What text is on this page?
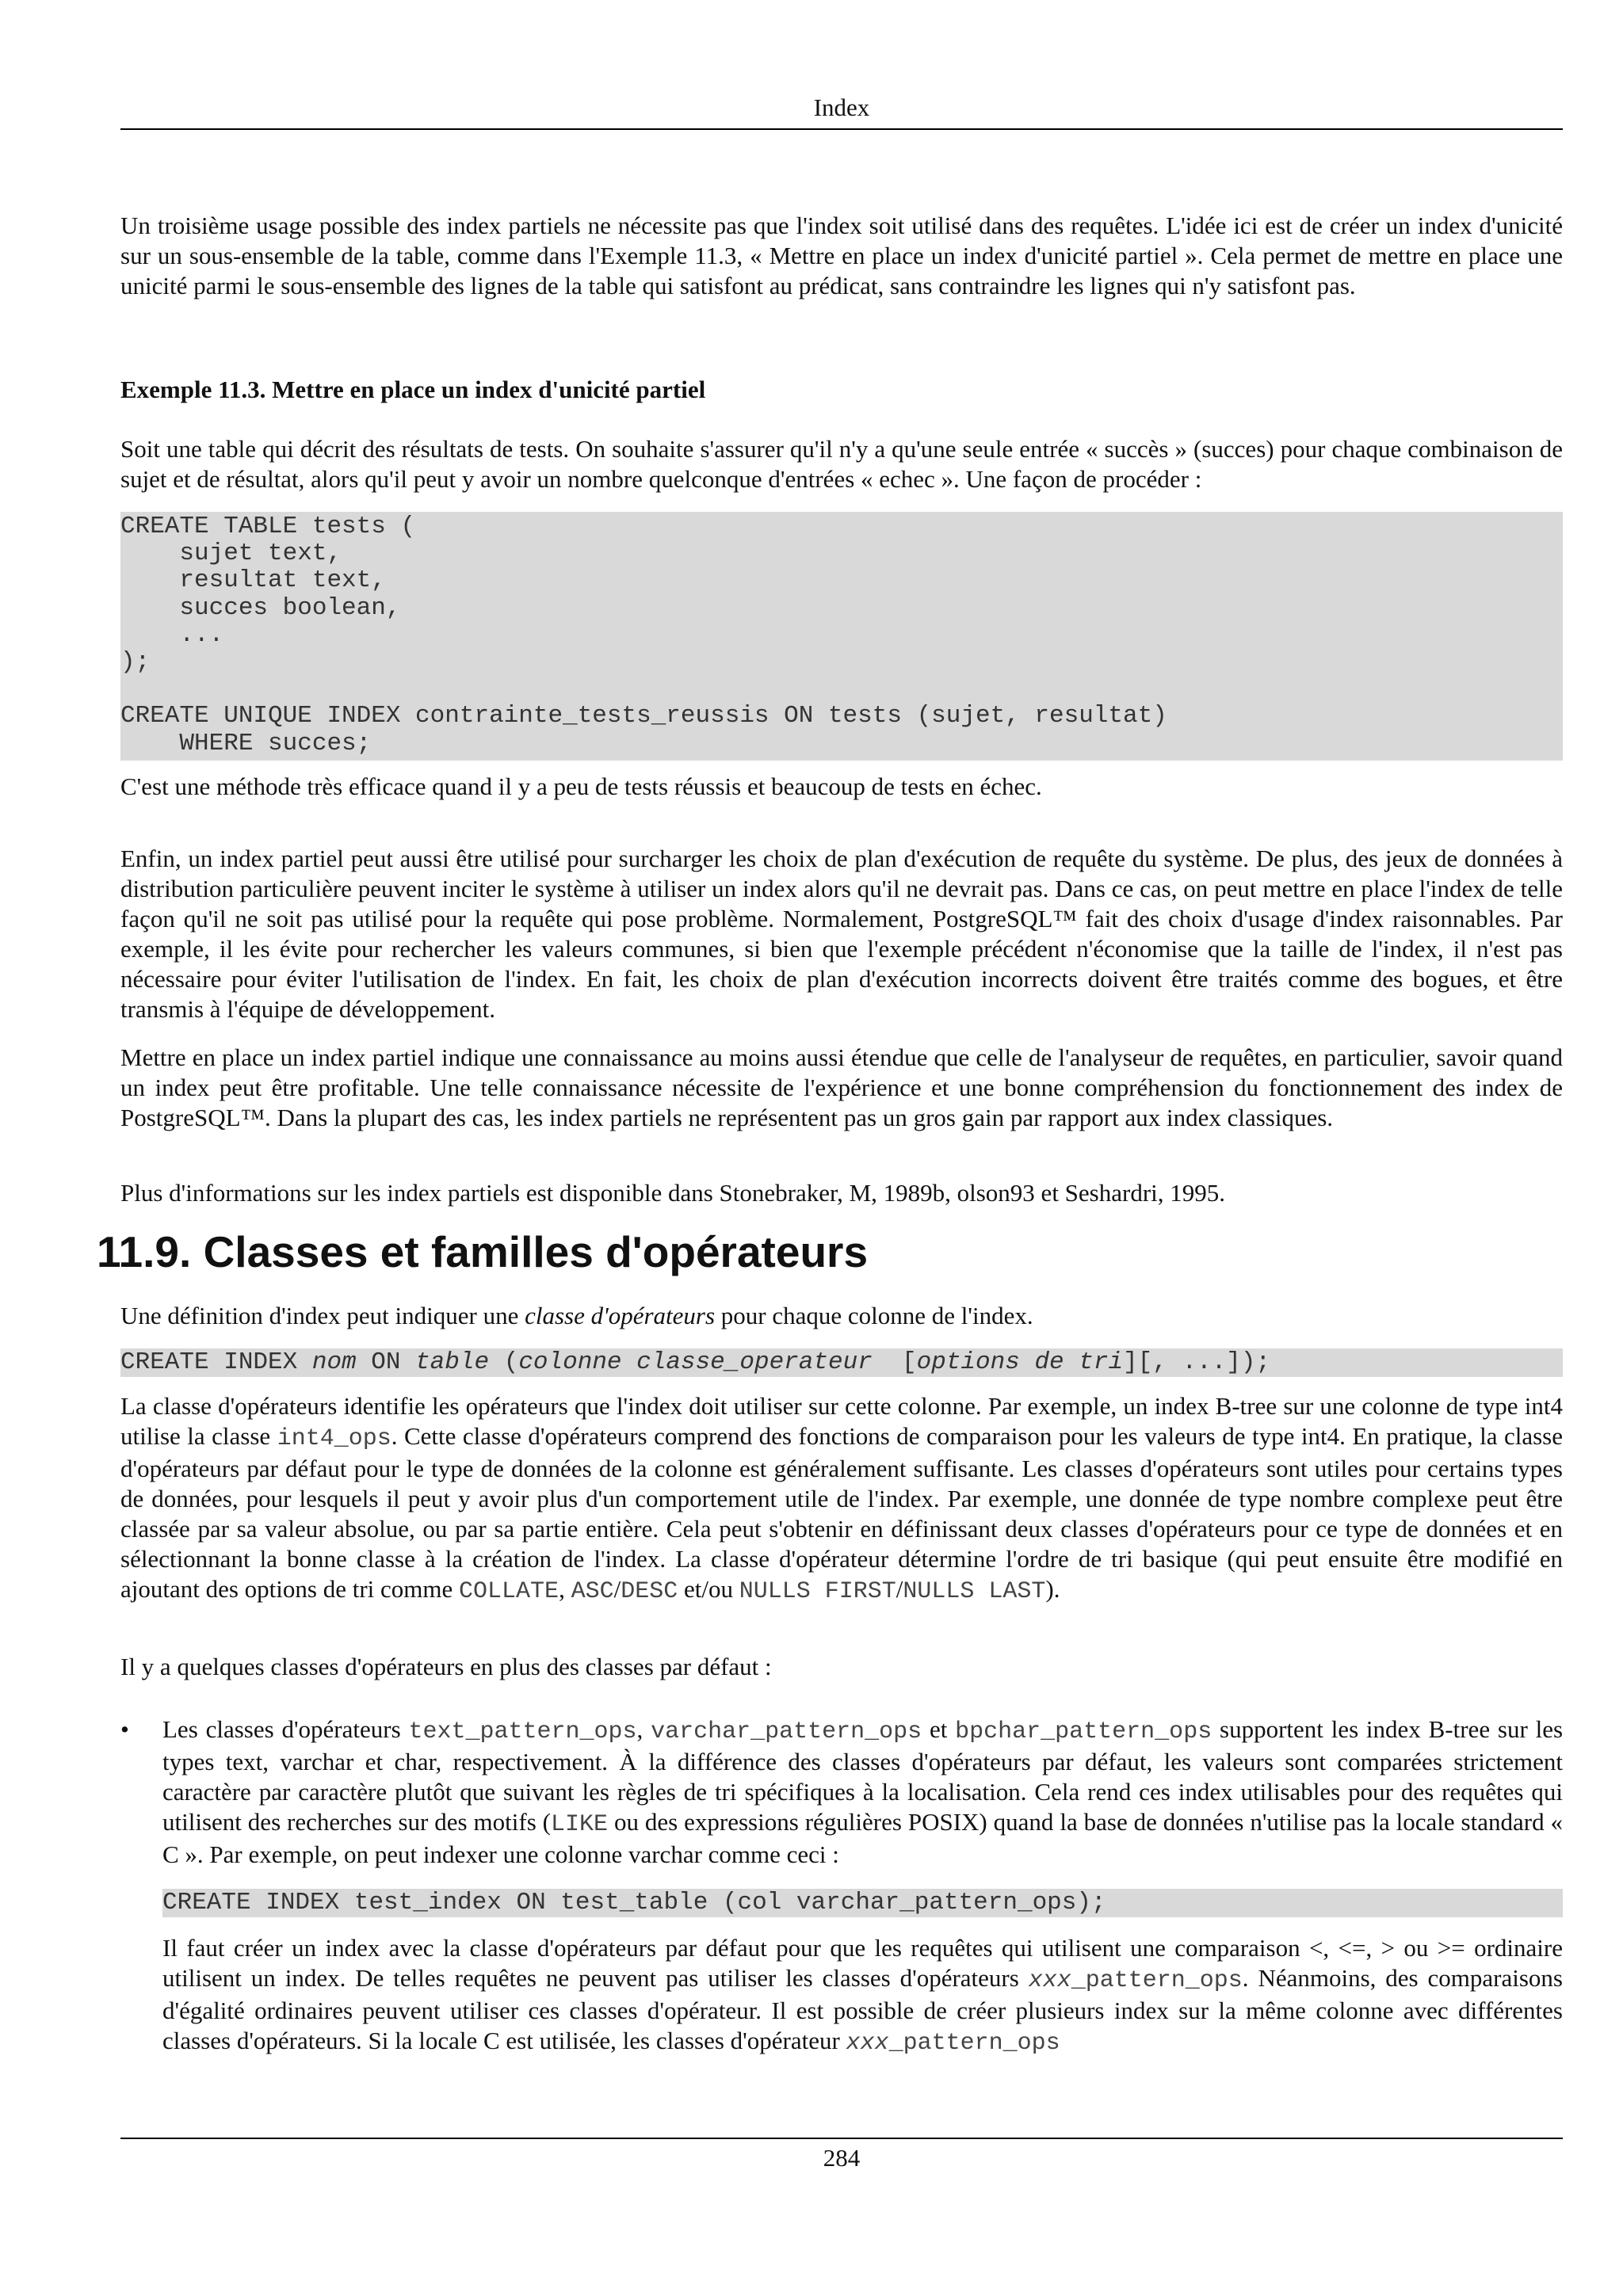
Index

Un troisième usage possible des index partiels ne nécessite pas que l'index soit utilisé dans des requêtes. L'idée ici est de créer un index d'unicité sur un sous-ensemble de la table, comme dans l'Exemple 11.3, « Mettre en place un index d'unicité partiel ». Cela permet de mettre en place une unicité parmi le sous-ensemble des lignes de la table qui satisfont au prédicat, sans contraindre les lignes qui n'y satisfont pas.

Exemple 11.3. Mettre en place un index d'unicité partiel

Soit une table qui décrit des résultats de tests. On souhaite s'assurer qu'il n'y a qu'une seule entrée « succès » (succes) pour chaque combinaison de sujet et de résultat, alors qu'il peut y avoir un nombre quelconque d'entrées « echec ». Une façon de procéder :

CREATE TABLE tests (
sujet text,
resultat text,
succes boolean,
...
);

CREATE UNIQUE INDEX contrainte_tests_reussis ON tests (sujet, resultat)
WHERE succes;

C'est une méthode très efficace quand il y a peu de tests réussis et beaucoup de tests en échec.

Enfin, un index partiel peut aussi être utilisé pour surcharger les choix de plan d'exécution de requête du système. De plus, des jeux de données à distribution particulière peuvent inciter le système à utiliser un index alors qu'il ne devrait pas. Dans ce cas, on peut mettre en place l'index de telle façon qu'il ne soit pas utilisé pour la requête qui pose problème. Normalement, PostgreSQL™ fait des choix d'usage d'index raisonnables. Par exemple, il les évite pour rechercher les valeurs communes, si bien que l'exemple précédent n'économise que la taille de l'index, il n'est pas nécessaire pour éviter l'utilisation de l'index. En fait, les choix de plan d'exécution incorrects doivent être traités comme des bogues, et être transmis à l'équipe de développement.

Mettre en place un index partiel indique une connaissance au moins aussi étendue que celle de l'analyseur de requêtes, en particulier, savoir quand un index peut être profitable. Une telle connaissance nécessite de l'expérience et une bonne compréhension du fonctionnement des index de PostgreSQL™. Dans la plupart des cas, les index partiels ne représentent pas un gros gain par rapport aux index classiques.

Plus d'informations sur les index partiels est disponible dans Stonebraker, M, 1989b, olson93 et Seshardri, 1995.

11.9. Classes et familles d'opérateurs

Une définition d'index peut indiquer une classe d'opérateurs pour chaque colonne de l'index.

CREATE INDEX nom ON table (colonne classe_operateur  [options de tri][, ...]);

La classe d'opérateurs identifie les opérateurs que l'index doit utiliser sur cette colonne. Par exemple, un index B-tree sur une colonne de type int4 utilise la classe int4_ops. Cette classe d'opérateurs comprend des fonctions de comparaison pour les valeurs de type int4. En pratique, la classe d'opérateurs par défaut pour le type de données de la colonne est généralement suffisante. Les classes d'opérateurs sont utiles pour certains types de données, pour lesquels il peut y avoir plus d'un comportement utile de l'index. Par exemple, une donnée de type nombre complexe peut être classée par sa valeur absolue, ou par sa partie entière. Cela peut s'obtenir en définissant deux classes d'opérateurs pour ce type de données et en sélectionnant la bonne classe à la création de l'index. La classe d'opérateur détermine l'ordre de tri basique (qui peut ensuite être modifié en ajoutant des options de tri comme COLLATE, ASC/DESC et/ou NULLS FIRST/NULLS LAST).

Il y a quelques classes d'opérateurs en plus des classes par défaut :

• Les classes d'opérateurs text_pattern_ops, varchar_pattern_ops et bpchar_pattern_ops supportent les index B-tree sur les types text, varchar et char, respectivement. À la différence des classes d'opérateurs par défaut, les valeurs sont comparées strictement caractère par caractère plutôt que suivant les règles de tri spécifiques à la localisation. Cela rend ces index utilisables pour des requêtes qui utilisent des recherches sur des motifs (LIKE ou des expressions régulières POSIX) quand la base de données n'utilise pas la locale standard « C ». Par exemple, on peut indexer une colonne varchar comme ceci :

CREATE INDEX test_index ON test_table (col varchar_pattern_ops);

Il faut créer un index avec la classe d'opérateurs par défaut pour que les requêtes qui utilisent une comparaison <, <=, > ou >= ordinaire utilisent un index. De telles requêtes ne peuvent pas utiliser les classes d'opérateurs xxx_pattern_ops. Néanmoins, des comparaisons d'égalité ordinaires peuvent utiliser ces classes d'opérateur. Il est possible de créer plusieurs index sur la même colonne avec différentes classes d'opérateurs. Si la locale C est utilisée, les classes d'opérateur xxx_pattern_ops

284
